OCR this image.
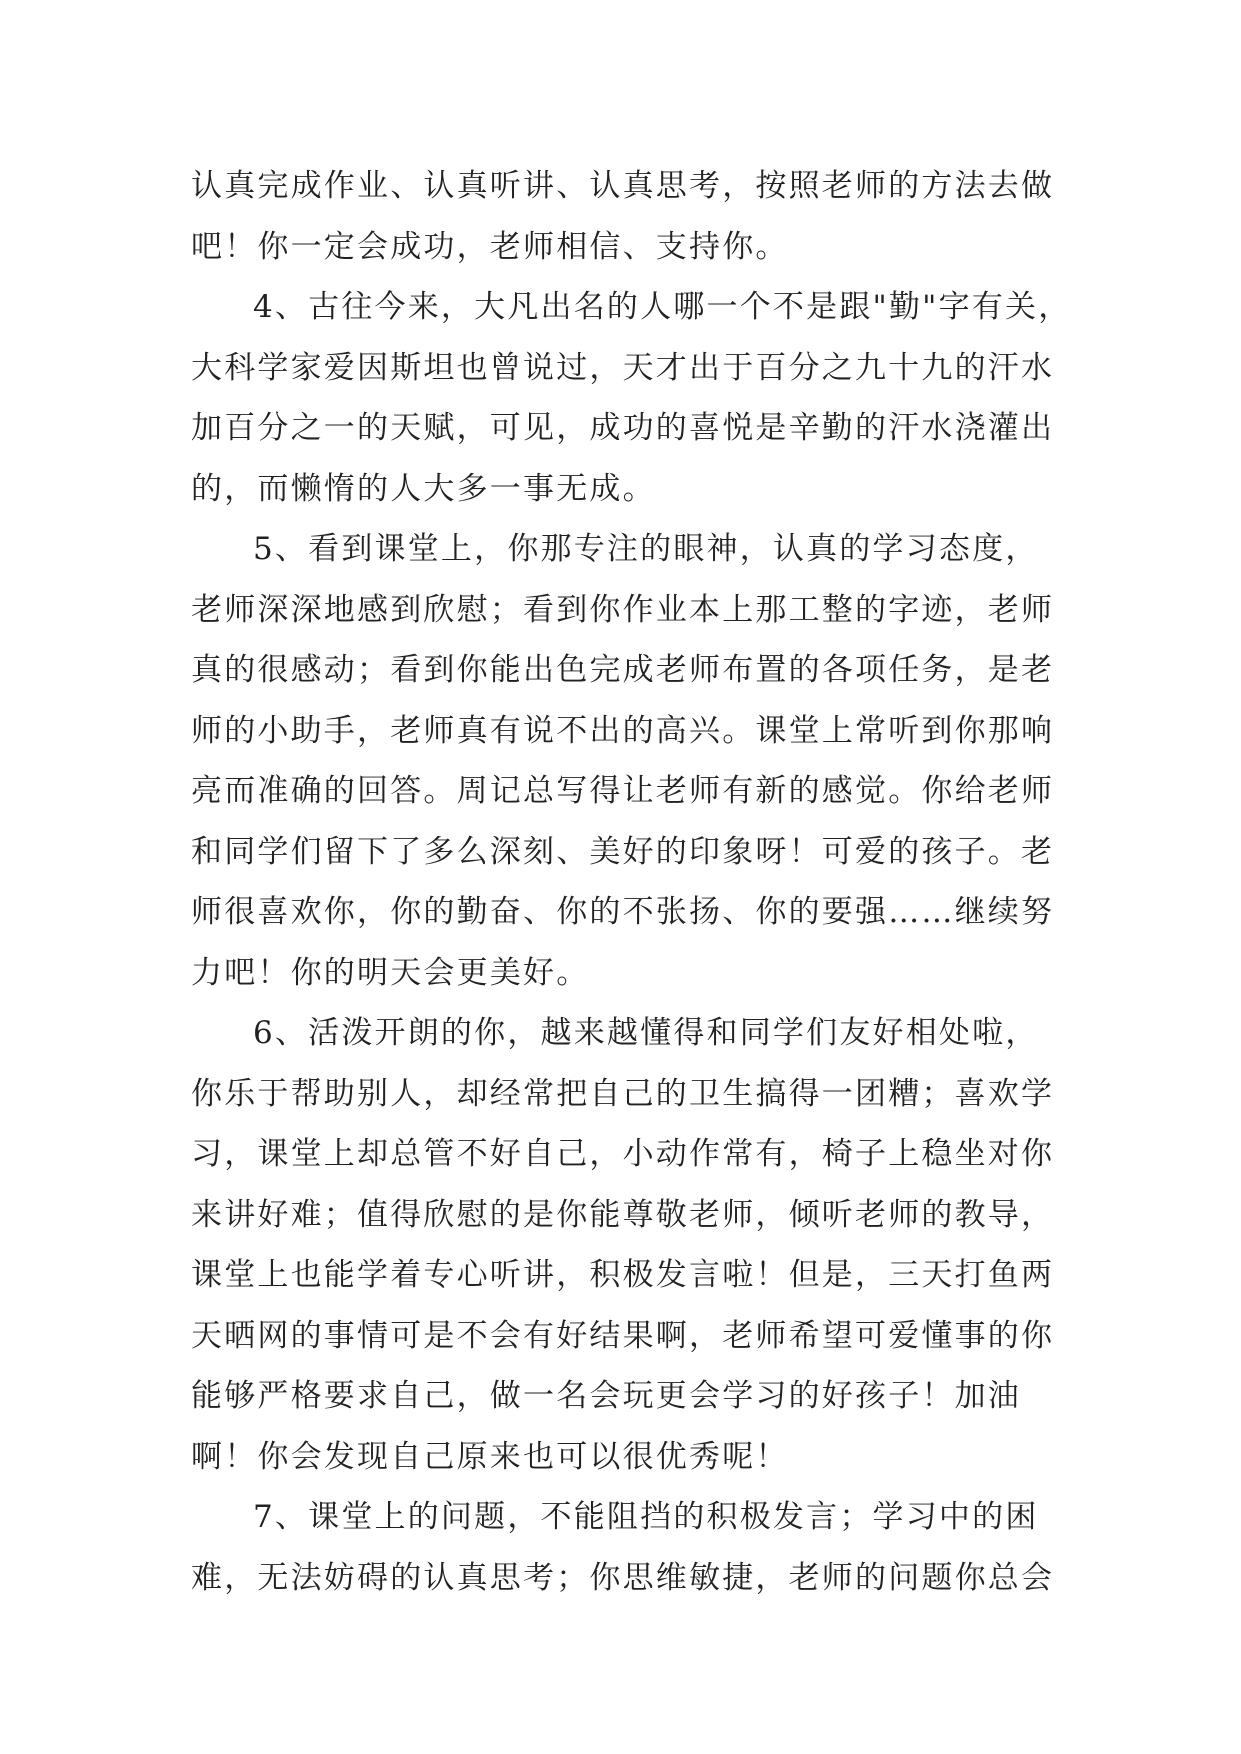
认真完成作业、认真听讲、认真思考，按照老师的方法去做
吧！你一定会成功，老师相信、支持你。
4、古往今来，大凡出名的人哪一个不是跟"勤"字有关，
大科学家爱因斯坦也曾说过，天才出于百分之九十九的汗水
加百分之一的天赋，可见，成功的喜悦是辛勤的汗水浇灌出
的，而懒惰的人大多一事无成。
5、看到课堂上，你那专注的眼神，认真的学习态度，
老师深深地感到欣慰；看到你作业本上那工整的字迹，老师
真的很感动；看到你能出色完成老师布置的各项任务，是老
师的小助手，老师真有说不出的高兴。课堂上常听到你那响
亮而准确的回答。周记总写得让老师有新的感觉。你给老师
和同学们留下了多么深刻、美好的印象呀！可爱的孩子。老
师很喜欢你，你的勤奋、你的不张扬、你的要强……继续努
力吧！你的明天会更美好。
6、活泼开朗的你，越来越懂得和同学们友好相处啦，
你乐于帮助别人，却经常把自己的卫生搞得一团糟；喜欢学
习，课堂上却总管不好自己，小动作常有，椅子上稳坐对你
来讲好难；值得欣慰的是你能尊敬老师，倾听老师的教导，
课堂上也能学着专心听讲，积极发言啦！但是，三天打鱼两
天晒网的事情可是不会有好结果啊，老师希望可爱懂事的你
能够严格要求自己，做一名会玩更会学习的好孩子！加油
啊！你会发现自己原来也可以很优秀呢！
7、课堂上的问题，不能阻挡的积极发言；学习中的困
难，无法妨碍的认真思考；你思维敏捷，老师的问题你总会
